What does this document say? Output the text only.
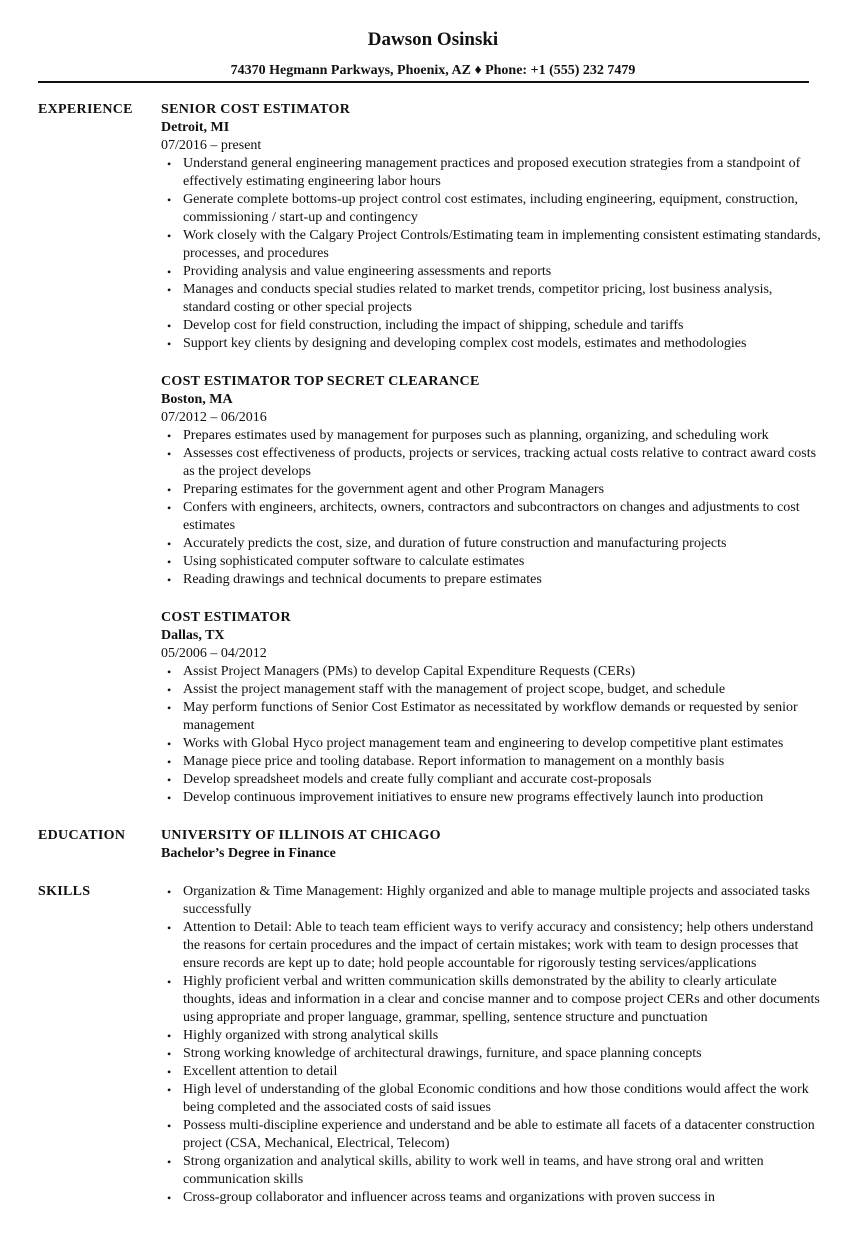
Dawson Osinski
74370 Hegmann Parkways, Phoenix, AZ ♦ Phone: +1 (555) 232 7479
EXPERIENCE SENIOR COST ESTIMATOR
Detroit, MI
07/2016 – present
• Understand general engineering management practices and proposed execution strategies from a standpoint of effectively estimating engineering labor hours
• Generate complete bottoms-up project control cost estimates, including engineering, equipment, construction, commissioning / start-up and contingency
• Work closely with the Calgary Project Controls/Estimating team in implementing consistent estimating standards, processes, and procedures
• Providing analysis and value engineering assessments and reports
• Manages and conducts special studies related to market trends, competitor pricing, lost business analysis, standard costing or other special projects
• Develop cost for field construction, including the impact of shipping, schedule and tariffs
• Support key clients by designing and developing complex cost models, estimates and methodologies
COST ESTIMATOR TOP SECRET CLEARANCE
Boston, MA
07/2012 – 06/2016
• Prepares estimates used by management for purposes such as planning, organizing, and scheduling work
• Assesses cost effectiveness of products, projects or services, tracking actual costs relative to contract award costs as the project develops
• Preparing estimates for the government agent and other Program Managers
• Confers with engineers, architects, owners, contractors and subcontractors on changes and adjustments to cost estimates
• Accurately predicts the cost, size, and duration of future construction and manufacturing projects
• Using sophisticated computer software to calculate estimates
• Reading drawings and technical documents to prepare estimates
COST ESTIMATOR
Dallas, TX
05/2006 – 04/2012
• Assist Project Managers (PMs) to develop Capital Expenditure Requests (CERs)
• Assist the project management staff with the management of project scope, budget, and schedule
• May perform functions of Senior Cost Estimator as necessitated by workflow demands or requested by senior management
• Works with Global Hyco project management team and engineering to develop competitive plant estimates
• Manage piece price and tooling database. Report information to management on a monthly basis
• Develop spreadsheet models and create fully compliant and accurate cost-proposals
• Develop continuous improvement initiatives to ensure new programs effectively launch into production
EDUCATION	UNIVERSITY OF ILLINOIS AT CHICAGO
Bachelor’s Degree in Finance
SKILLS
•	Organization & Time Management: Highly organized and able to manage multiple projects and associated tasks successfully
• Attention to Detail: Able to teach team efficient ways to verify accuracy and consistency; help others understand the reasons for certain procedures and the impact of certain mistakes; work with team to design processes that ensure records are kept up to date; hold people accountable for rigorously testing services/applications
• Highly proficient verbal and written communication skills demonstrated by the ability to clearly articulate thoughts, ideas and information in a clear and concise manner and to compose project CERs and other documents using appropriate and proper language, grammar, spelling, sentence structure and punctuation
• Highly organized with strong analytical skills
• Strong working knowledge of architectural drawings, furniture, and space planning concepts
• Excellent attention to detail
• High level of understanding of the global Economic conditions and how those conditions would affect the work being completed and the associated costs of said issues
• Possess multi-discipline experience and understand and be able to estimate all facets of a datacenter construction project (CSA, Mechanical, Electrical, Telecom)
• Strong organization and analytical skills, ability to work well in teams, and have strong oral and written communication skills
• Cross-group collaborator and influencer across teams and organizations with proven success in
